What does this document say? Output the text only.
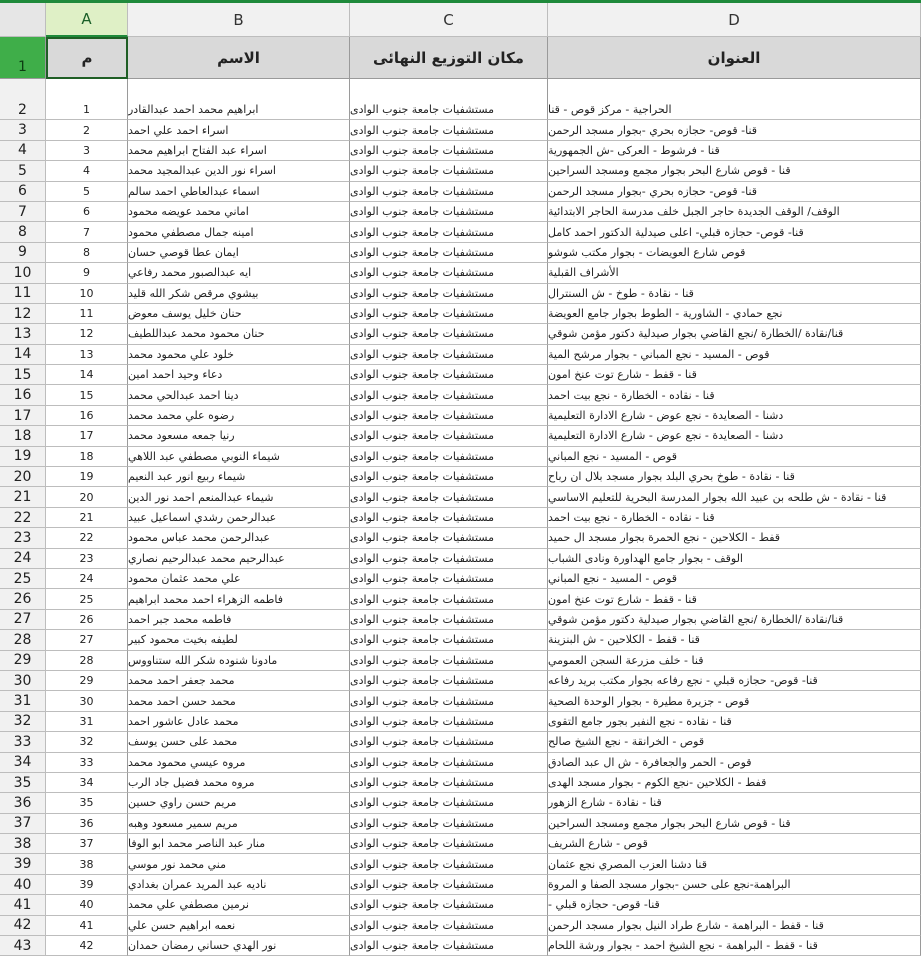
A	B	C	D
1	م	الاسم	مكان التوزيع النهائى	العنوان
2	1	ابراهيم محمد احمد عبدالقادر	مستشفيات جامعة جنوب الوادى	الحراجية - مركز قوص - قنا
3	2	اسراء احمد علي احمد	مستشفيات جامعة جنوب الوادى	قنا- قوص- حجازه بحري -بجوار مسجد الرحمن
4	3	اسراء عبد الفتاح ابراهيم محمد	مستشفيات جامعة جنوب الوادى	قنا - فرشوط - العركى -ش الجمهورية
5	4	اسراء نور الدين عبدالمجيد محمد	مستشفيات جامعة جنوب الوادى	قنا - قوص شارع البحر بجوار مجمع ومسجد السراحين
6	5	اسماء عبدالعاطي احمد سالم	مستشفيات جامعة جنوب الوادى	قنا- قوص- حجازه بحري -بجوار مسجد الرحمن
7	6	اماني محمد عويضه محمود	مستشفيات جامعة جنوب الوادى	الوقف/ الوقف الجديدة حاجر الجبل خلف مدرسة الحاجر الابتدائية
8	7	امينه جمال مصطفي محمود	مستشفيات جامعة جنوب الوادى	قنا- قوص- حجازه قبلي- اعلى صيدلية الدكتور احمد كامل
9	8	ايمان عطا قوصي حسان	مستشفيات جامعة جنوب الوادى	قوص شارع العويضات - بجوار مكتب شوشو
10	9	ايه عبدالصبور محمد رفاعي	مستشفيات جامعة جنوب الوادى	الأشراف القبلية
11	10	بيشوي مرقص شكر الله قليد	مستشفيات جامعة جنوب الوادى	قنا - نقادة - طوخ - ش السنترال
12	11	حنان خليل يوسف معوض	مستشفيات جامعة جنوب الوادى	نجع حمادي - الشاورية - الطوط بجوار جامع العويضة
13	12	حنان محمود محمد عبداللطيف	مستشفيات جامعة جنوب الوادى	قنا/نقادة /الخطارة /نجع القاضي بجوار صيدلية دكتور مؤمن شوقي
14	13	خلود علي محمود محمد	مستشفيات جامعة جنوب الوادى	قوص - المسيد - نجع المباني - بجوار مرشح المية
15	14	دعاء وحيد احمد امين	مستشفيات جامعة جنوب الوادى	قنا - قفط - شارع توت عنخ امون
16	15	دينا احمد عبدالحي محمد	مستشفيات جامعة جنوب الوادى	قنا - نقاده - الخطارة - نجع بيت احمد
17	16	رضوه علي محمد محمد	مستشفيات جامعة جنوب الوادى	دشنا - الصعايدة - نجع عوض - شارع الادارة التعليمية
18	17	رنيا جمعه مسعود محمد	مستشفيات جامعة جنوب الوادى	دشنا - الصعايدة - نجع عوض - شارع الادارة التعليمية
19	18	شيماء النوبي مصطفي عبد اللاهي	مستشفيات جامعة جنوب الوادى	قوص - المسيد - نجع المباني
20	19	شيماء ربيع انور عبد النعيم	مستشفيات جامعة جنوب الوادى	قنا - نقادة - طوخ بحري البلد بجوار مسجد بلال ان رباح
21	20	شيماء عبدالمنعم احمد نور الدين	مستشفيات جامعة جنوب الوادى	قنا - نقادة - ش طلحه بن عبيد الله بجوار المدرسة البحرية للتعليم الاساسي
22	21	عبدالرحمن رشدي اسماعيل عبيد	مستشفيات جامعة جنوب الوادى	قنا - نقاده - الخطارة - نجع بيت احمد
23	22	عبدالرحمن محمد عباس محمود	مستشفيات جامعة جنوب الوادى	قفط - الكلاحين - نجع الحمرة بجوار مسجد ال حميد
24	23	عبدالرحيم محمد عبدالرحيم نصاري	مستشفيات جامعة جنوب الوادى	الوقف - بجوار جامع الهداورة ونادى الشباب
25	24	علي محمد عثمان محمود	مستشفيات جامعة جنوب الوادى	قوص - المسيد - نجع المباني
26	25	فاطمه الزهراء احمد محمد ابراهيم	مستشفيات جامعة جنوب الوادى	قنا - قفط - شارع توت عنخ امون
27	26	فاطمه محمد جبر احمد	مستشفيات جامعة جنوب الوادى	قنا/نقادة /الخطارة /نجع القاضي بجوار صيدلية دكتور مؤمن شوقي
28	27	لطيفه بخيت محمود كبير	مستشفيات جامعة جنوب الوادى	قنا - قفط - الكلاحين - ش البنزينة
29	28	مادونا شنوده شكر الله ستناووس	مستشفيات جامعة جنوب الوادى	قنا - خلف مزرعة السجن العمومي
30	29	محمد جعفر احمد محمد	مستشفيات جامعة جنوب الوادى	قنا- قوص- حجازه قبلي - نجع رفاعه بجوار مكتب بريد رفاعه
31	30	محمد حسن احمد محمد	مستشفيات جامعة جنوب الوادى	قوص - جزيرة مطيرة - بجوار الوحدة الصحية
32	31	محمد عادل عاشور احمد	مستشفيات جامعة جنوب الوادى	قنا - نقاده - نجع النفير بجور جامع التقوى
33	32	محمد على حسن يوسف	مستشفيات جامعة جنوب الوادى	قوص - الخرانقة - نجع الشيخ صالح
34	33	مروه عيسي محمود محمد	مستشفيات جامعة جنوب الوادى	قوص - الحمر والجعافرة - ش ال عبد الصادق
35	34	مروه محمد فضيل جاد الرب	مستشفيات جامعة جنوب الوادى	قفط - الكلاحين -نجع الكوم - بجوار مسجد الهدى
36	35	مريم حسن راوي حسين	مستشفيات جامعة جنوب الوادى	قنا - نقادة - شارع الزهور
37	36	مريم سمير مسعود وهبه	مستشفيات جامعة جنوب الوادى	قنا - قوص شارع البحر بجوار مجمع ومسجد السراحين
38	37	منار عبد الناصر محمد ابو الوفا	مستشفيات جامعة جنوب الوادى	قوص - شارع الشريف
39	38	مني محمد نور موسي	مستشفيات جامعة جنوب الوادى	قنا دشنا العزب المصري نجع عثمان
40	39	ناديه عبد المريد عمران بغدادي	مستشفيات جامعة جنوب الوادى	البراهمة-نجع على حسن -بجوار مسجد الصفا و المروة
41	40	نرمين مصطفي علي محمد	مستشفيات جامعة جنوب الوادى	قنا- قوص- حجازه قبلي -
42	41	نعمه ابراهيم حسن علي	مستشفيات جامعة جنوب الوادى	قنا - قفط - البراهمة - شارع طراد النيل بجوار مسجد الرحمن
43	42	نور الهدي حساني رمضان حمدان	مستشفيات جامعة جنوب الوادى	قنا - قفط - البراهمة - نجع الشيخ احمد - بجوار ورشة اللحام
